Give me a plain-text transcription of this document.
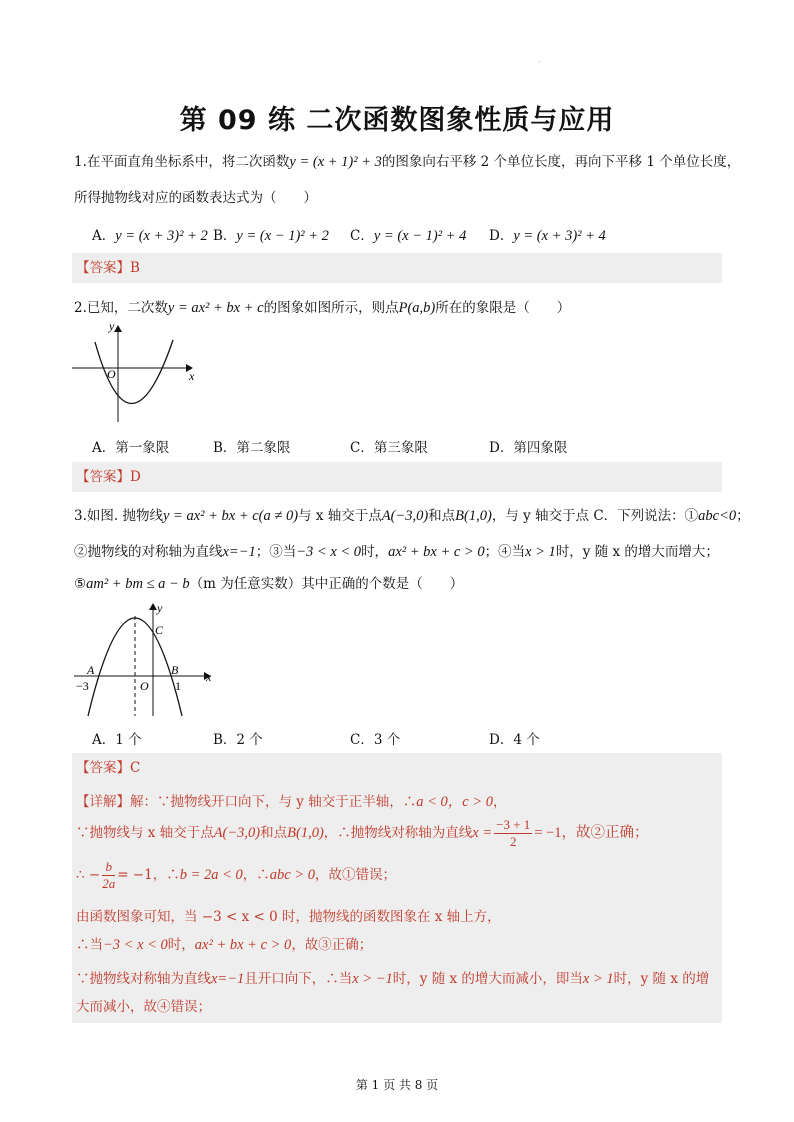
·
第 09 练 二次函数图象性质与应用
1.在平面直角坐标系中，将二次函数y = (x + 1)² + 3的图象向右平移 2 个单位长度，再向下平移 1 个单位长度，
所得抛物线对应的函数表达式为（　　）
A．y = (x + 3)² + 2 B．y = (x − 1)² + 2 C．y = (x − 1)² + 4 D．y = (x + 3)² + 4
【答案】B
2.已知，二次数y = ax² + bx + c的图象如图所示，则点P(a,b)所在的象限是（　　）
y
x
O
A．第一象限	B．第二象限	C．第三象限	D．第四象限
【答案】D
3.如图. 抛物线y = ax² + bx + c(a ≠ 0)与 x 轴交于点A(−3,0)和点B(1,0)，与 y 轴交于点 C．下列说法：①abc<0；
②抛物线的对称轴为直线x=−1；③当−3 < x < 0时，ax² + bx + c > 0；④当x > 1时，y 随 x 的增大而增大；
⑤am² + bm ≤ a − b（m 为任意实数）其中正确的个数是（　　）
y
x
C
A	B
O
−3	1
A．1 个	B．2 个	C．3 个	D．4 个
【答案】C
【详解】解：∵抛物线开口向下，与 y 轴交于正半轴，∴a < 0，c > 0，
∵抛物线与 x 轴交于点A(−3,0)和点B(1,0)，∴抛物线对称轴为直线$x = \frac{-3 + 1}{2} = -1$，故②正确；
∴ − $\frac{b}{2a} = -1$，∴b = 2a < 0，∴abc > 0，故①错误；
由函数图象可知，当 −3 < x < 0 时，抛物线的函数图象在 x 轴上方，
∴当−3 < x < 0时，ax² + bx + c > 0，故③正确；
∵抛物线对称轴为直线x=−1且开口向下，∴当x > −1时，y 随 x 的增大而减小，即当x > 1时，y 随 x 的增
大而减小，故④错误；
第 1 页 共 8 页
